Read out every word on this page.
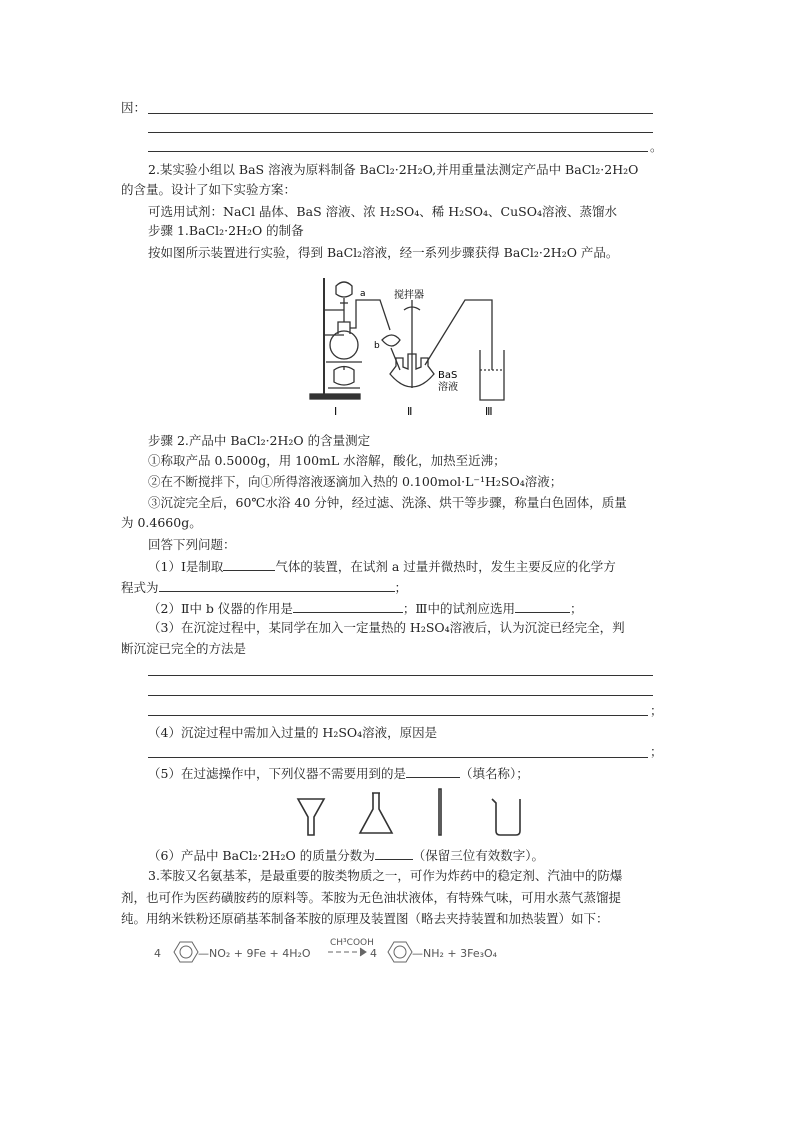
因：
。
2.某实验小组以 BaS 溶液为原料制备 BaCl₂·2H₂O,并用重量法测定产品中 BaCl₂·2H₂O
的含量。设计了如下实验方案：
可选用试剂：NaCl 晶体、BaS 溶液、浓 H₂SO₄、稀 H₂SO₄、CuSO₄溶液、蒸馏水
步骤 1.BaCl₂·2H₂O 的制备
按如图所示装置进行实验，得到 BaCl₂溶液，经一系列步骤获得 BaCl₂·2H₂O 产品。
a
b
搅拌器
BaS
溶液
Ⅰ	Ⅱ	Ⅲ
步骤 2.产品中 BaCl₂·2H₂O 的含量测定
①称取产品 0.5000g，用 100mL 水溶解，酸化，加热至近沸；
②在不断搅拌下，向①所得溶液逐滴加入热的 0.100mol·L⁻¹H₂SO₄溶液；
③沉淀完全后，60℃水浴 40 分钟，经过滤、洗涤、烘干等步骤，称量白色固体，质量
为 0.4660g。
回答下列问题：
（1）Ⅰ是制取	气体的装置，在试剂 a 过量并微热时，发生主要反应的化学方
程式为	；
（2）Ⅱ中 b 仪器的作用是	；Ⅲ中的试剂应选用	；
（3）在沉淀过程中，某同学在加入一定量热的 H₂SO₄溶液后，认为沉淀已经完全，判
断沉淀已完全的方法是
；
（4）沉淀过程中需加入过量的 H₂SO₄溶液，原因是
；
（5）在过滤操作中，下列仪器不需要用到的是	（填名称）；
（6）产品中 BaCl₂·2H₂O 的质量分数为	（保留三位有效数字）。
3.苯胺又名氨基苯，是最重要的胺类物质之一，可作为炸药中的稳定剂、汽油中的防爆
剂，也可作为医药磺胺药的原料等。苯胺为无色油状液体，有特殊气味，可用水蒸气蒸馏提
纯。用纳米铁粉还原硝基苯制备苯胺的原理及装置图（略去夹持装置和加热装置）如下：
4	—NO₂ + 9Fe + 4H₂O
CH³COOH
4	—NH₂ + 3Fe₃O₄
